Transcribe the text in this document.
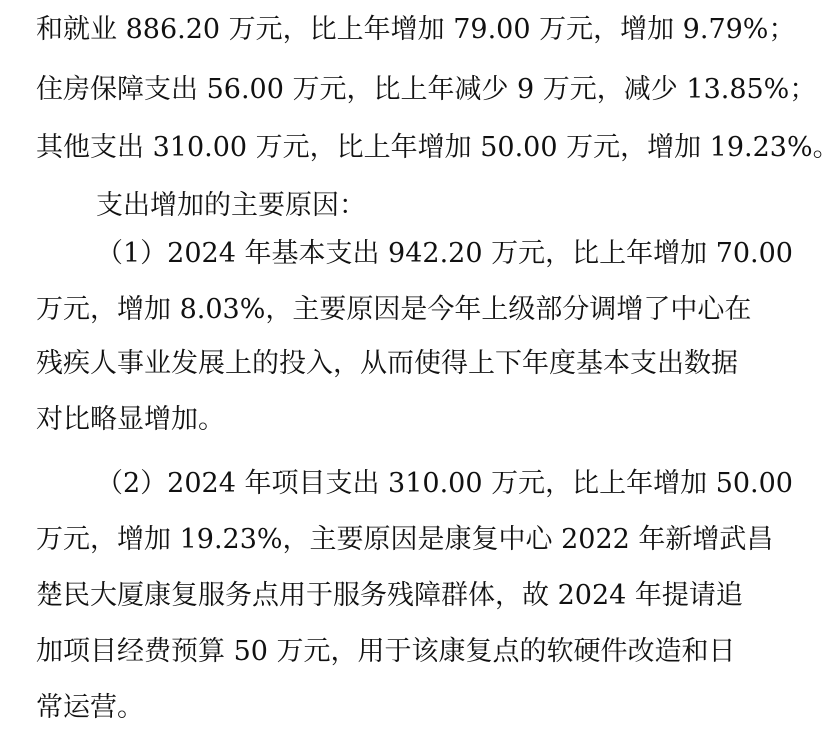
和就业 886.20 万元，比上年增加 79.00 万元，增加 9.79%；
住房保障支出 56.00 万元，比上年减少 9 万元，减少 13.85%；
其他支出 310.00 万元，比上年增加 50.00 万元，增加 19.23%。
支出增加的主要原因：
（1）2024 年基本支出 942.20 万元，比上年增加 70.00
万元，增加 8.03%，主要原因是今年上级部分调增了中心在
残疾人事业发展上的投入，从而使得上下年度基本支出数据
对比略显增加。
（2）2024 年项目支出 310.00 万元，比上年增加 50.00
万元，增加 19.23%，主要原因是康复中心 2022 年新增武昌
楚民大厦康复服务点用于服务残障群体，故 2024 年提请追
加项目经费预算 50 万元，用于该康复点的软硬件改造和日
常运营。
